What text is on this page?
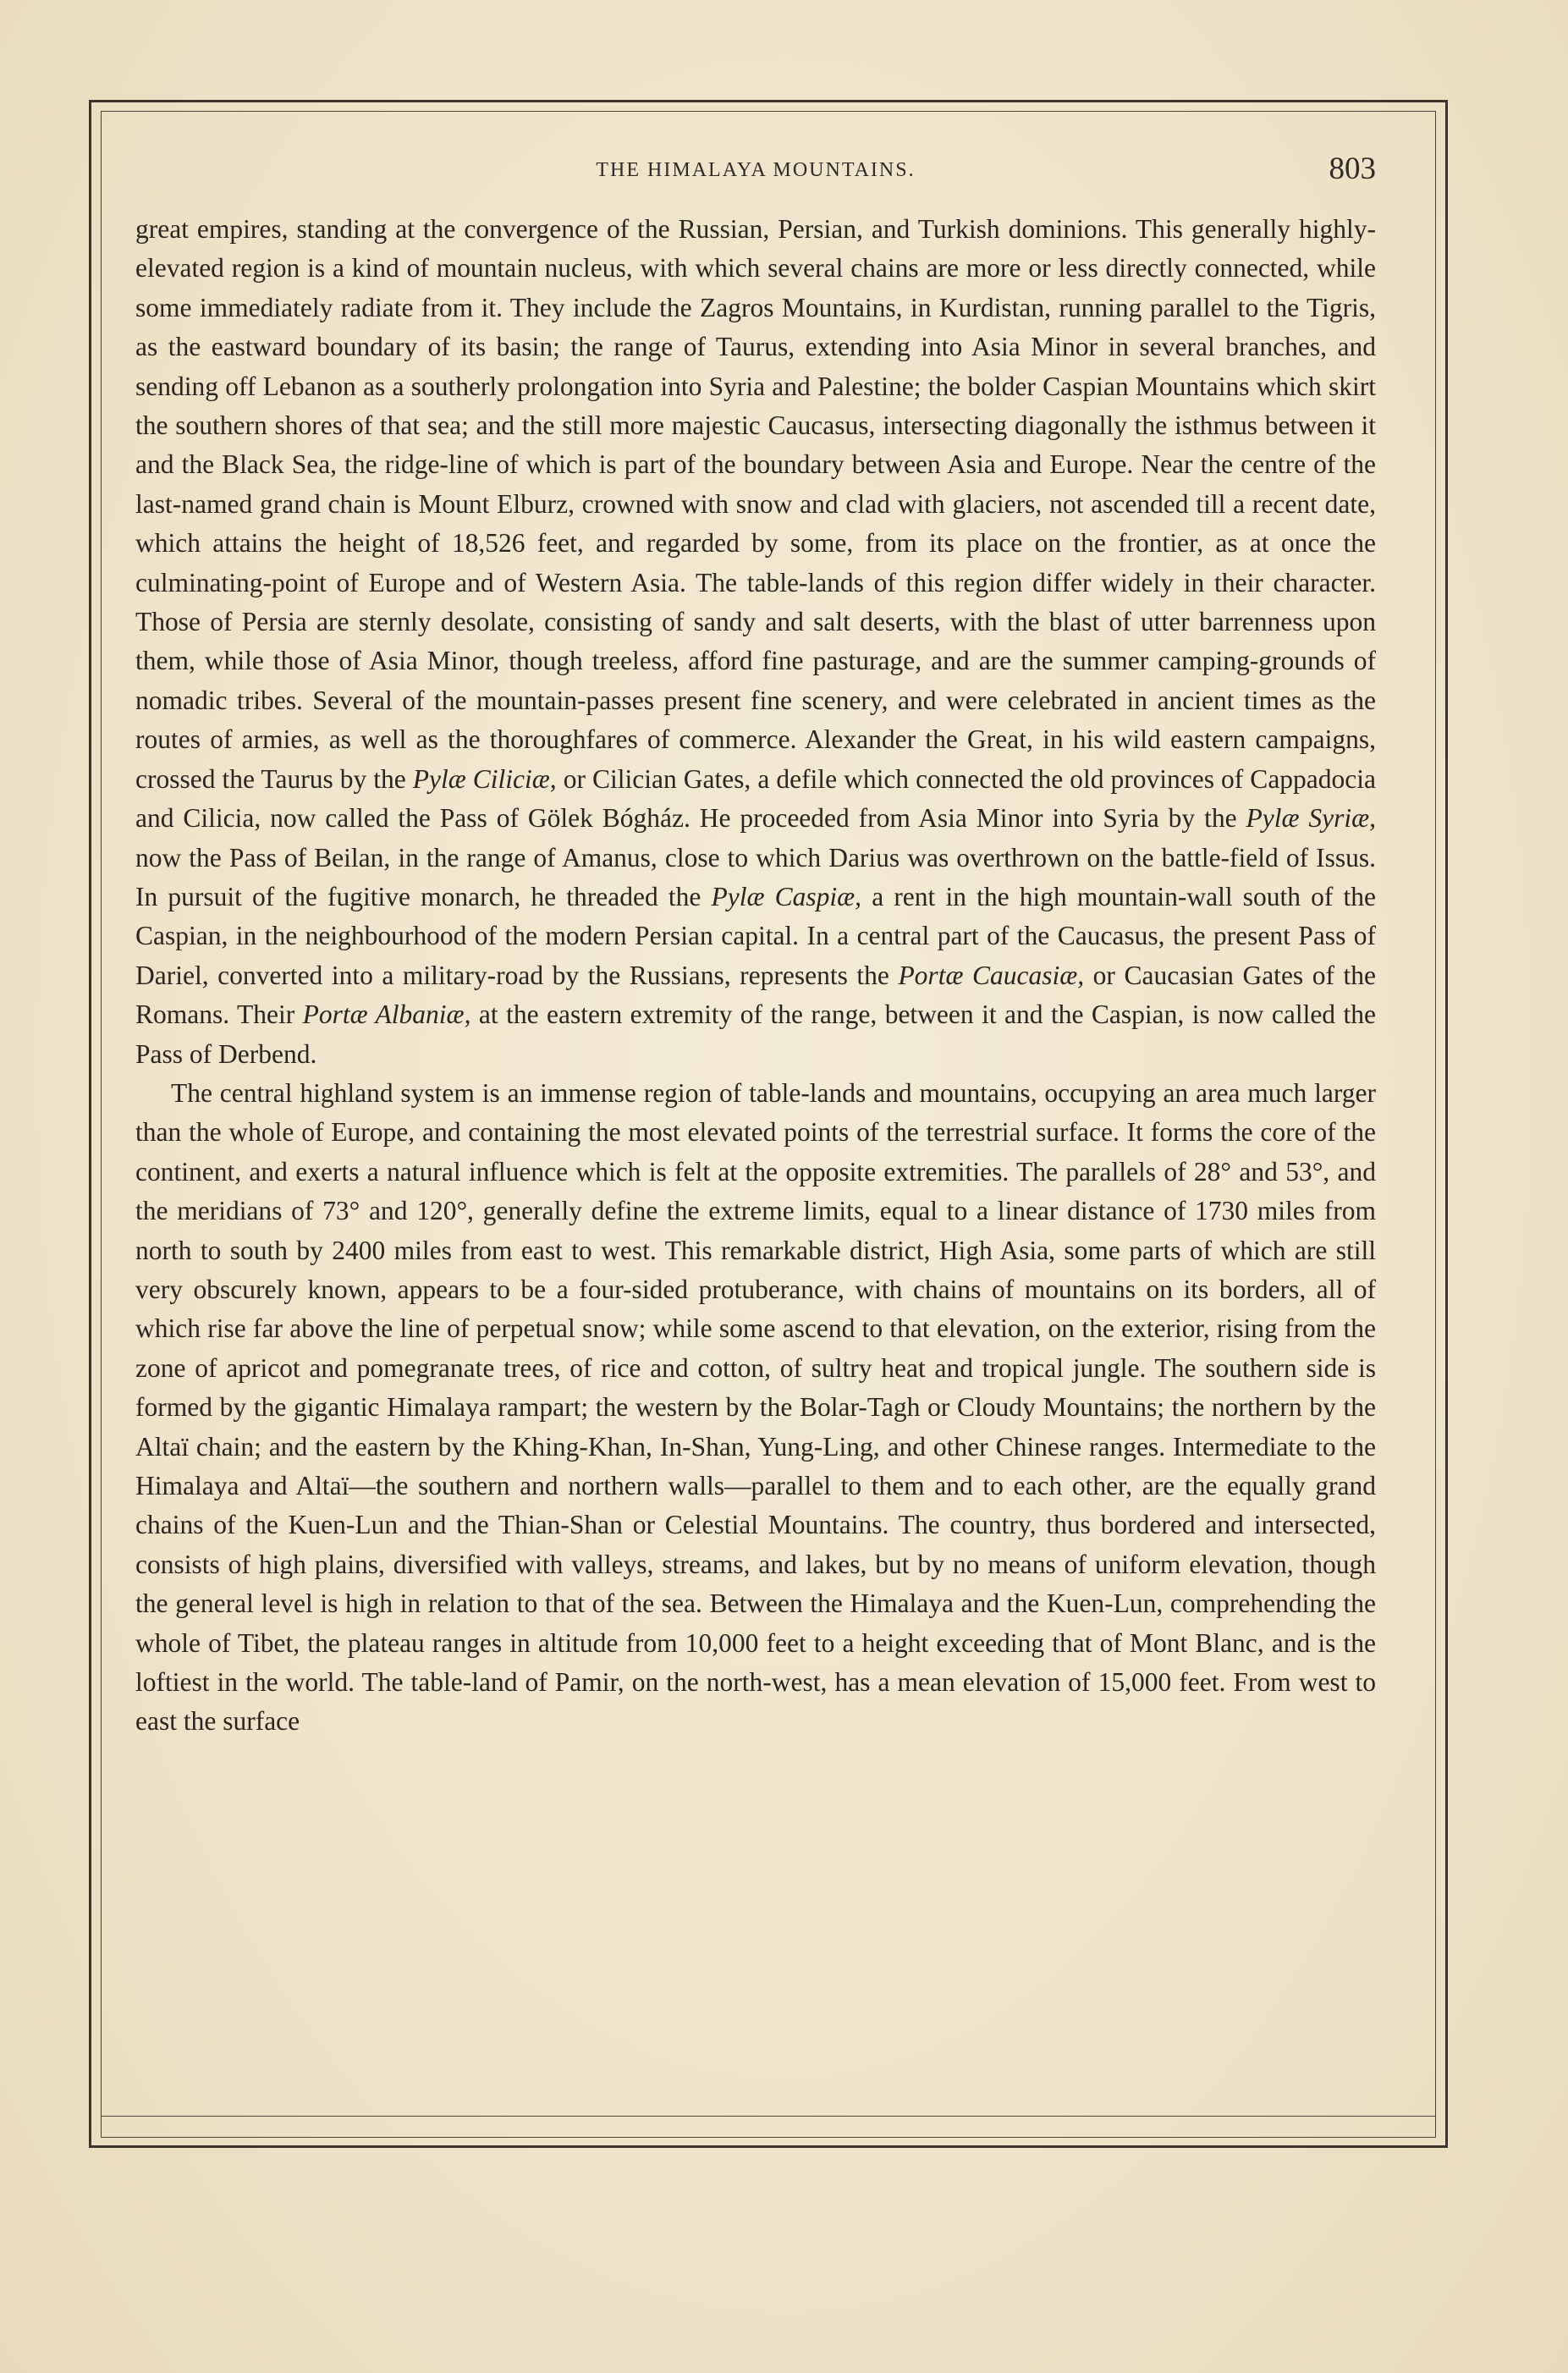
THE HIMALAYA MOUNTAINS.	803

great empires, standing at the convergence of the Russian, Persian, and Turkish dominions. This generally highly-elevated region is a kind of mountain nucleus, with which several chains are more or less directly connected, while some immediately radiate from it. They include the Zagros Mountains, in Kurdistan, running parallel to the Tigris, as the eastward boundary of its basin; the range of Taurus, extending into Asia Minor in several branches, and sending off Lebanon as a southerly prolongation into Syria and Palestine; the bolder Caspian Mountains which skirt the southern shores of that sea; and the still more majestic Caucasus, intersecting diagonally the isthmus between it and the Black Sea, the ridge-line of which is part of the boundary between Asia and Europe. Near the centre of the last-named grand chain is Mount Elburz, crowned with snow and clad with glaciers, not ascended till a recent date, which attains the height of 18,526 feet, and regarded by some, from its place on the frontier, as at once the culminating-point of Europe and of Western Asia. The table-lands of this region differ widely in their character. Those of Persia are sternly desolate, consisting of sandy and salt deserts, with the blast of utter barrenness upon them, while those of Asia Minor, though treeless, afford fine pasturage, and are the summer camping-grounds of nomadic tribes. Several of the mountain-passes present fine scenery, and were celebrated in ancient times as the routes of armies, as well as the thoroughfares of commerce. Alexander the Great, in his wild eastern campaigns, crossed the Taurus by the Pylæ Ciliciæ, or Cilician Gates, a defile which connected the old provinces of Cappadocia and Cilicia, now called the Pass of Gölek Bógház. He proceeded from Asia Minor into Syria by the Pylæ Syriæ, now the Pass of Beilan, in the range of Amanus, close to which Darius was overthrown on the battle-field of Issus. In pursuit of the fugitive monarch, he threaded the Pylæ Caspiæ, a rent in the high mountain-wall south of the Caspian, in the neighbourhood of the modern Persian capital. In a central part of the Caucasus, the present Pass of Dariel, converted into a military-road by the Russians, represents the Portæ Caucasiæ, or Caucasian Gates of the Romans. Their Portæ Albaniæ, at the eastern extremity of the range, between it and the Caspian, is now called the Pass of Derbend.

The central highland system is an immense region of table-lands and mountains, occupying an area much larger than the whole of Europe, and containing the most elevated points of the terrestrial surface. It forms the core of the continent, and exerts a natural influence which is felt at the opposite extremities. The parallels of 28° and 53°, and the meridians of 73° and 120°, generally define the extreme limits, equal to a linear distance of 1730 miles from north to south by 2400 miles from east to west. This remarkable district, High Asia, some parts of which are still very obscurely known, appears to be a four-sided protuberance, with chains of mountains on its borders, all of which rise far above the line of perpetual snow; while some ascend to that elevation, on the exterior, rising from the zone of apricot and pomegranate trees, of rice and cotton, of sultry heat and tropical jungle. The southern side is formed by the gigantic Himalaya rampart; the western by the Bolar-Tagh or Cloudy Mountains; the northern by the Altaï chain; and the eastern by the Khing-Khan, In-Shan, Yung-Ling, and other Chinese ranges. Intermediate to the Himalaya and Altaï—the southern and northern walls—parallel to them and to each other, are the equally grand chains of the Kuen-Lun and the Thian-Shan or Celestial Mountains. The country, thus bordered and intersected, consists of high plains, diversified with valleys, streams, and lakes, but by no means of uniform elevation, though the general level is high in relation to that of the sea. Between the Himalaya and the Kuen-Lun, comprehending the whole of Tibet, the plateau ranges in altitude from 10,000 feet to a height exceeding that of Mont Blanc, and is the loftiest in the world. The table-land of Pamir, on the north-west, has a mean elevation of 15,000 feet. From west to east the surface
